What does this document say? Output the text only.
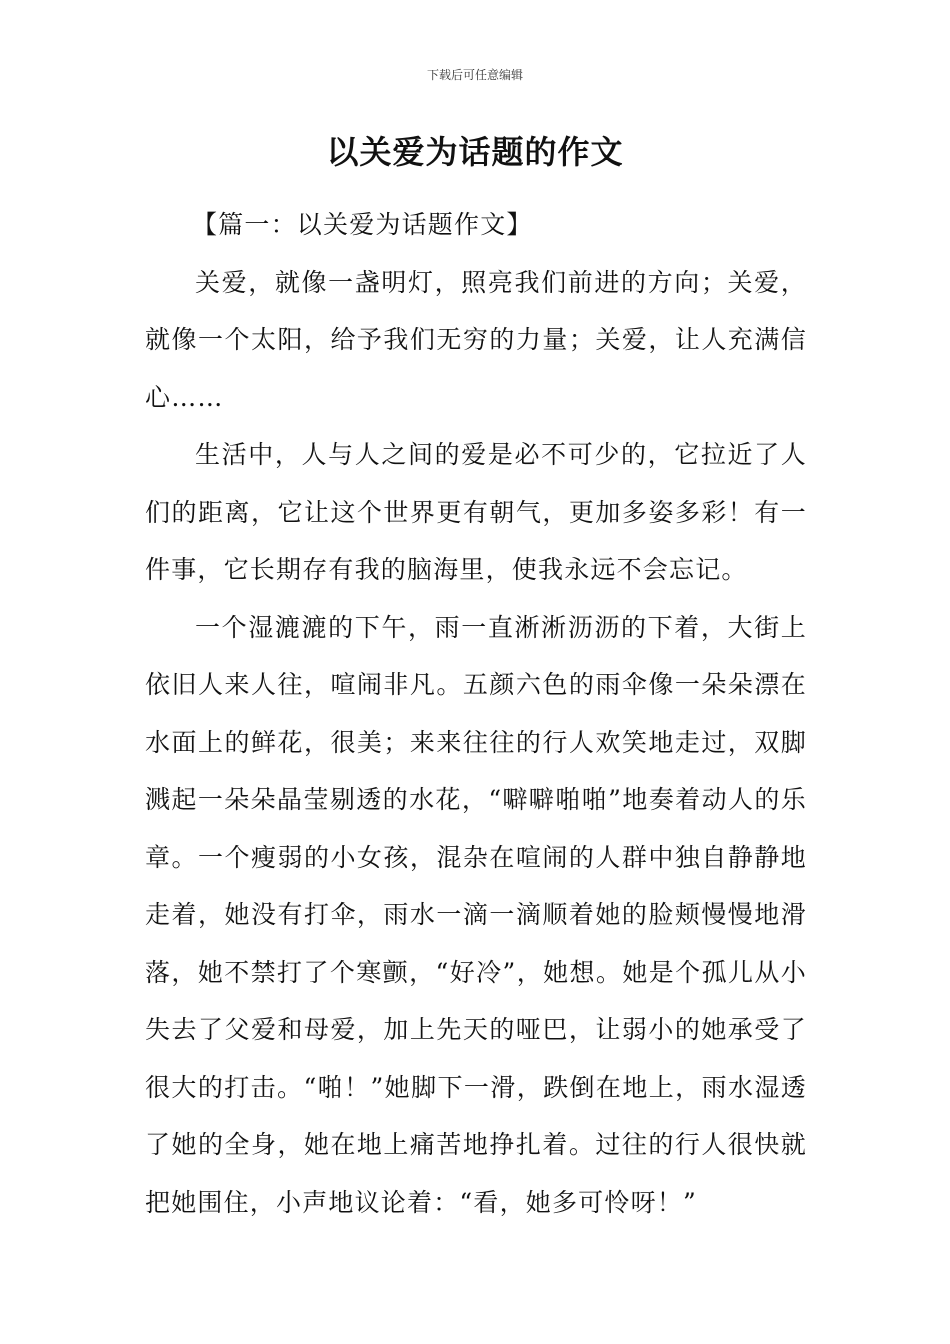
下载后可任意编辑
以关爱为话题的作文
【篇一：以关爱为话题作文】

关爱，就像一盏明灯，照亮我们前进的方向；关爱，就像一个太阳，给予我们无穷的力量；关爱，让人充满信心……

生活中，人与人之间的爱是必不可少的，它拉近了人们的距离，它让这个世界更有朝气，更加多姿多彩！有一件事，它长期存有我的脑海里，使我永远不会忘记。

一个湿漉漉的下午，雨一直淅淅沥沥的下着，大街上依旧人来人往，喧闹非凡。五颜六色的雨伞像一朵朵漂在水面上的鲜花，很美；来来往往的行人欢笑地走过，双脚溅起一朵朵晶莹剔透的水花，“噼噼啪啪”地奏着动人的乐章。一个瘦弱的小女孩，混杂在喧闹的人群中独自静静地走着，她没有打伞，雨水一滴一滴顺着她的脸颊慢慢地滑落，她不禁打了个寒颤，“好冷”，她想。她是个孤儿从小失去了父爱和母爱，加上先天的哑巴，让弱小的她承受了很大的打击。“啪！”她脚下一滑，跌倒在地上，雨水湿透了她的全身，她在地上痛苦地挣扎着。过往的行人很快就把她围住，小声地议论着：“看，她多可怜呀！”
